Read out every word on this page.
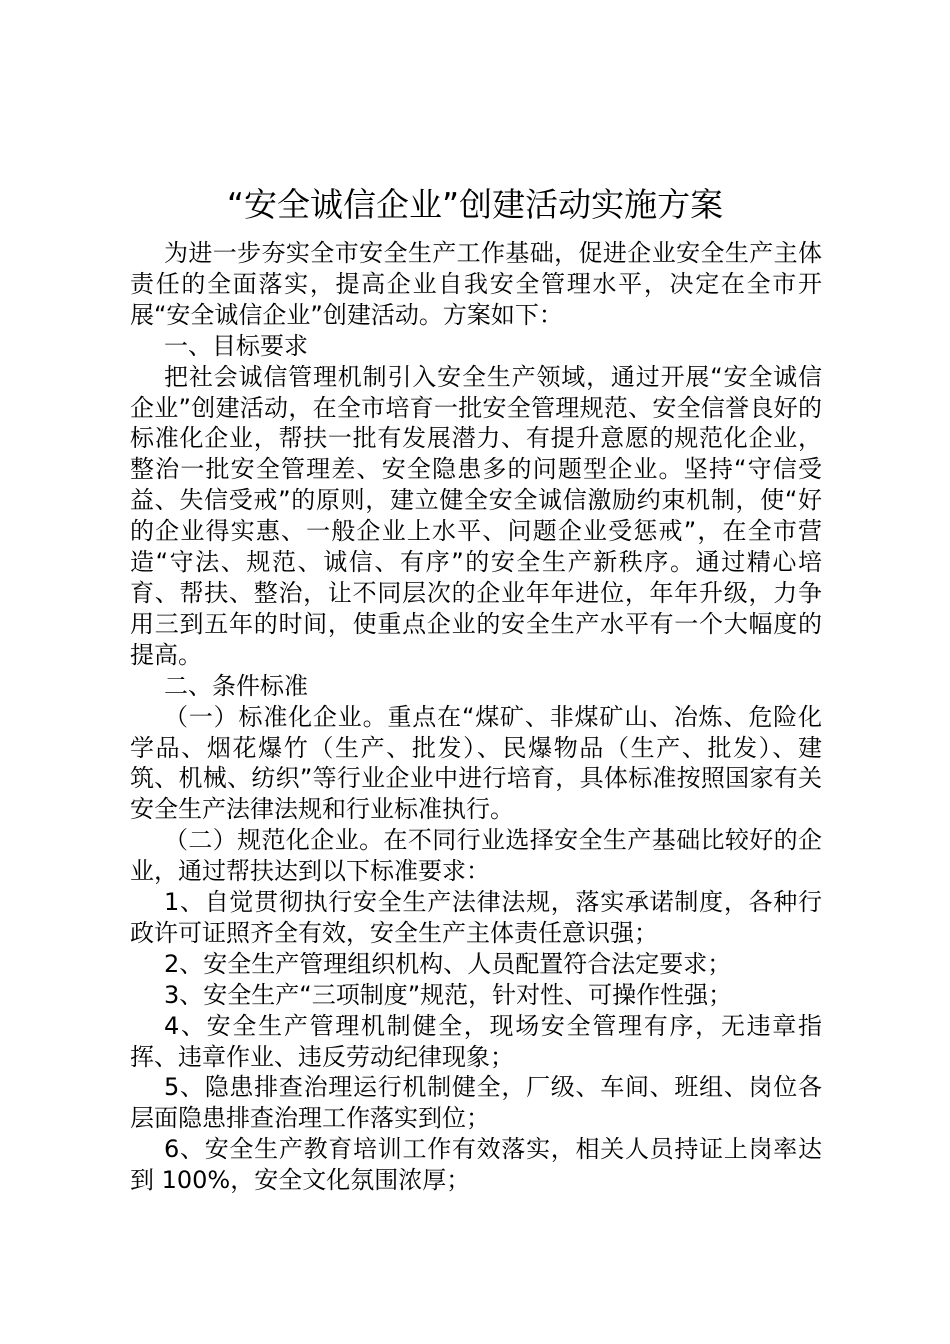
“安全诚信企业”创建活动实施方案

为进一步夯实全市安全生产工作基础，促进企业安全生产主体责任的全面落实，提高企业自我安全管理水平，决定在全市开展“安全诚信企业”创建活动。方案如下：

一、目标要求

把社会诚信管理机制引入安全生产领域，通过开展“安全诚信企业”创建活动，在全市培育一批安全管理规范、安全信誉良好的标准化企业，帮扶一批有发展潜力、有提升意愿的规范化企业，整治一批安全管理差、安全隐患多的问题型企业。坚持“守信受益、失信受戒”的原则，建立健全安全诚信激励约束机制，使“好的企业得实惠、一般企业上水平、问题企业受惩戒”，在全市营造“守法、规范、诚信、有序”的安全生产新秩序。通过精心培育、帮扶、整治，让不同层次的企业年年进位，年年升级，力争用三到五年的时间，使重点企业的安全生产水平有一个大幅度的提高。

二、条件标准

（一）标准化企业。重点在“煤矿、非煤矿山、冶炼、危险化学品、烟花爆竹（生产、批发）、民爆物品（生产、批发）、建筑、机械、纺织”等行业企业中进行培育，具体标准按照国家有关安全生产法律法规和行业标准执行。

（二）规范化企业。在不同行业选择安全生产基础比较好的企业，通过帮扶达到以下标准要求：

1、自觉贯彻执行安全生产法律法规，落实承诺制度，各种行政许可证照齐全有效，安全生产主体责任意识强；

2、安全生产管理组织机构、人员配置符合法定要求；

3、安全生产“三项制度”规范，针对性、可操作性强；

4、安全生产管理机制健全，现场安全管理有序，无违章指挥、违章作业、违反劳动纪律现象；

5、隐患排查治理运行机制健全，厂级、车间、班组、岗位各层面隐患排查治理工作落实到位；

6、安全生产教育培训工作有效落实，相关人员持证上岗率达到 100%，安全文化氛围浓厚；
